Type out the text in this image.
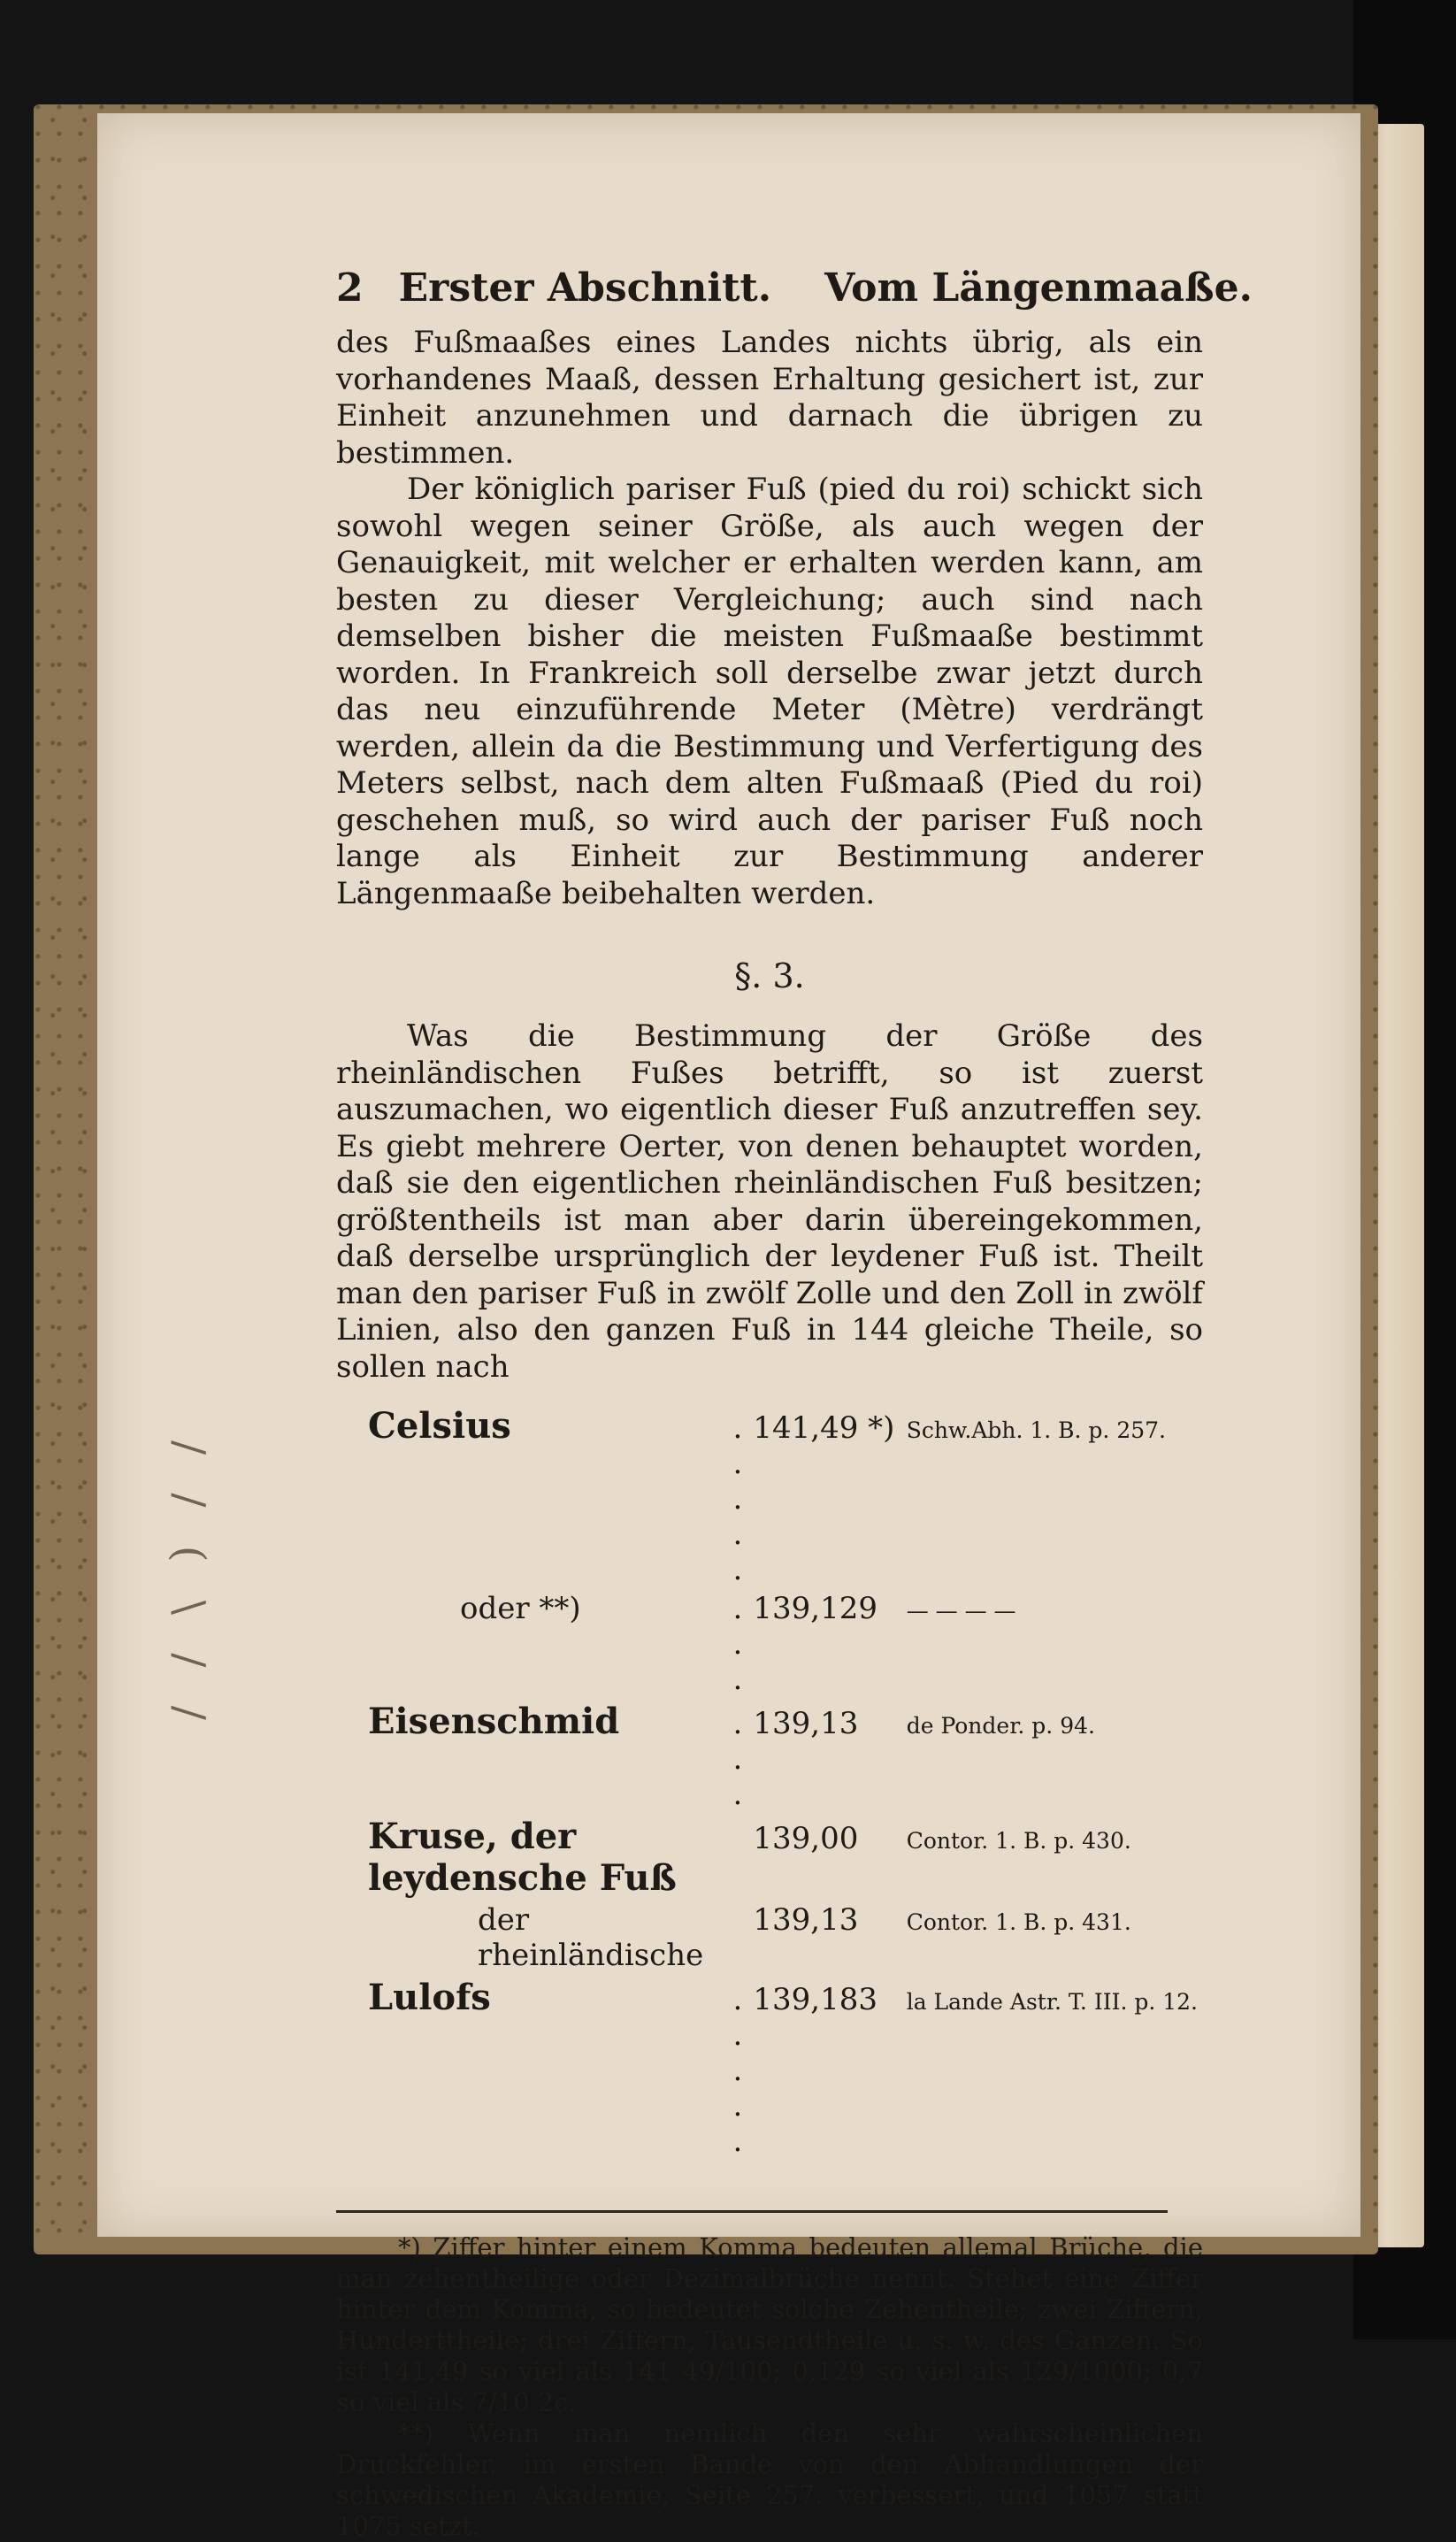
/ / ( \ / /
2 Erster Abschnitt. Vom Längenmaaße.

des Fußmaaßes eines Landes nichts übrig, als ein vorhandenes Maaß, dessen Erhaltung gesichert ist, zur Einheit anzunehmen und darnach die übrigen zu bestimmen.

Der königlich pariser Fuß (pied du roi) schickt sich sowohl wegen seiner Größe, als auch wegen der Genauigkeit, mit welcher er erhalten werden kann, am besten zu dieser Vergleichung; auch sind nach demselben bisher die meisten Fußmaaße bestimmt worden. In Frankreich soll derselbe zwar jetzt durch das neu einzuführende Meter (Mètre) verdrängt werden, allein da die Bestimmung und Verfertigung des Meters selbst, nach dem alten Fußmaaß (Pied du roi) geschehen muß, so wird auch der pariser Fuß noch lange als Einheit zur Bestimmung anderer Längenmaaße beibehalten werden.

§. 3.

Was die Bestimmung der Größe des rheinländischen Fußes betrifft, so ist zuerst auszumachen, wo eigentlich dieser Fuß anzutreffen sey. Es giebt mehrere Oerter, von denen behauptet worden, daß sie den eigentlichen rheinländischen Fuß besitzen; größtentheils ist man aber darin übereingekommen, daß derselbe ursprünglich der leydener Fuß ist. Theilt man den pariser Fuß in zwölf Zolle und den Zoll in zwölf Linien, also den ganzen Fuß in 144 gleiche Theile, so sollen nach

Celsius	. . . . .	141,49 *)	Schw.Abh. 1. B. p. 257.
oder **)	. . .	139,129	— — — —
Eisenschmid	. . .	139,13	de Ponder. p. 94.
Kruse, der leydensche Fuß		139,00	Contor. 1. B. p. 430.
der rheinländische		139,13	Contor. 1. B. p. 431.
Lulofs	. . . . .	139,183	la Lande Astr. T. III. p. 12.

*) Ziffer hinter einem Komma bedeuten allemal Brüche, die man zehentheilige oder Dezimalbrüche nennt. Stehet eine Ziffer hinter dem Komma, so bedeutet solche Zehentheile; zwei Ziffern, Hunderttheile; drei Ziffern, Tausendtheile u. s. w. des Ganzen. So ist 141,49 so viel als 141 49/100; 0,129 so viel als 129/1000; 0,7 so viel als 7/10 2c.

**) Wenn man nemlich den sehr wahrscheinlichen Druckfehler, im ersten Bande von den Abhandlungen der schwedischen Akademie, Seite 257. verbessert, und 1057 statt 1075 setzt.
